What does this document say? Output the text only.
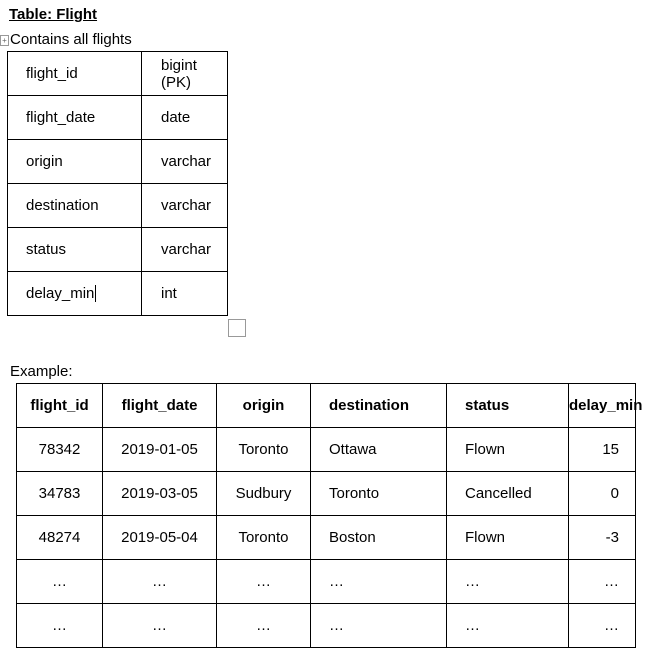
Table: Flight
+ Contains all flights
flight_id	bigint (PK)
flight_date	date
origin	varchar
destination	varchar
status	varchar
delay_min	int
Example:
flight_id	flight_date	origin	destination	status	delay_min
78342	2019-01-05	Toronto	Ottawa	Flown	15
34783	2019-03-05	Sudbury	Toronto	Cancelled	0
48274	2019-05-04	Toronto	Boston	Flown	-3
…	…	…	…	…	…
…	…	…	…	…	…
